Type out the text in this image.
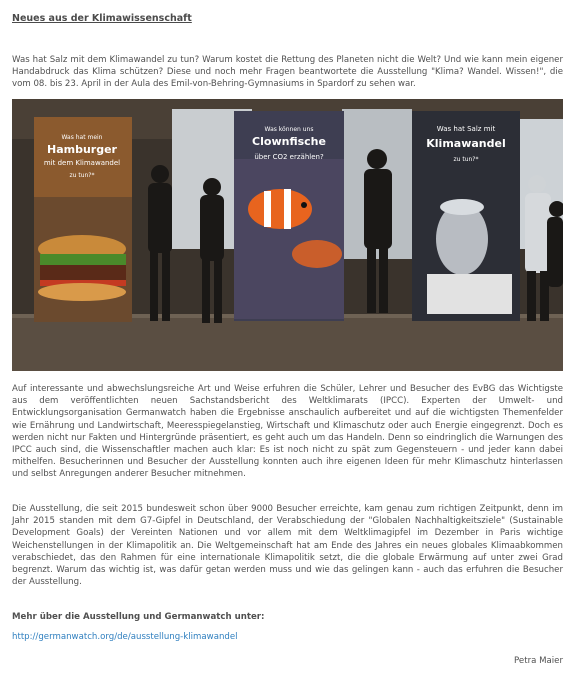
Neues aus der Klimawissenschaft

Was hat Salz mit dem Klimawandel zu tun? Warum kostet die Rettung des Planeten nicht die Welt? Und wie kann mein eigener Handabdruck das Klima schützen? Diese und noch mehr Fragen beantwortete die Ausstellung "Klima? Wandel. Wissen!", die vom 08. bis 23. April in der Aula des Emil-von-Behring-Gymnasiums in Spardorf zu sehen war.

Was hat mein
Hamburger
mit dem Klimawandel
zu tun?*
Was können uns
Clownfische
über CO2 erzählen?
Was hat Salz mit
Klimawandel
zu tun?*

Auf interessante und abwechslungsreiche Art und Weise erfuhren die Schüler, Lehrer und Besucher des EvBG das Wichtigste aus dem veröffentlichten neuen Sachstandsbericht des Weltklimarats (IPCC). Experten der Umwelt- und Entwicklungsorganisation Germanwatch haben die Ergebnisse anschaulich aufbereitet und auf die wichtigsten Themenfelder wie Ernährung und Landwirtschaft, Meeresspiegelanstieg, Wirtschaft und Klimaschutz oder auch Energie eingegrenzt. Doch es werden nicht nur Fakten und Hintergründe präsentiert, es geht auch um das Handeln. Denn so eindringlich die Warnungen des IPCC auch sind, die Wissenschaftler machen auch klar: Es ist noch nicht zu spät zum Gegensteuern - und jeder kann dabei mithelfen. Besucherinnen und Besucher der Ausstellung konnten auch ihre eigenen Ideen für mehr Klimaschutz hinterlassen und selbst Anregungen anderer Besucher mitnehmen.

Die Ausstellung, die seit 2015 bundesweit schon über 9000 Besucher erreichte, kam genau zum richtigen Zeitpunkt, denn im Jahr 2015 standen mit dem G7-Gipfel in Deutschland, der Verabschiedung der "Globalen Nachhaltigkeitsziele" (Sustainable Development Goals) der Vereinten Nationen und vor allem mit dem Weltklimagipfel im Dezember in Paris wichtige Weichenstellungen in der Klimapolitik an. Die Weltgemeinschaft hat am Ende des Jahres ein neues globales Klimaabkommen verabschiedet, das den Rahmen für eine internationale Klimapolitik setzt, die die globale Erwärmung auf unter zwei Grad begrenzt. Warum das wichtig ist, was dafür getan werden muss und wie das gelingen kann - auch das erfuhren die Besucher der Ausstellung.

Mehr über die Ausstellung und Germanwatch unter:
http://germanwatch.org/de/ausstellung-klimawandel
Petra Maier
